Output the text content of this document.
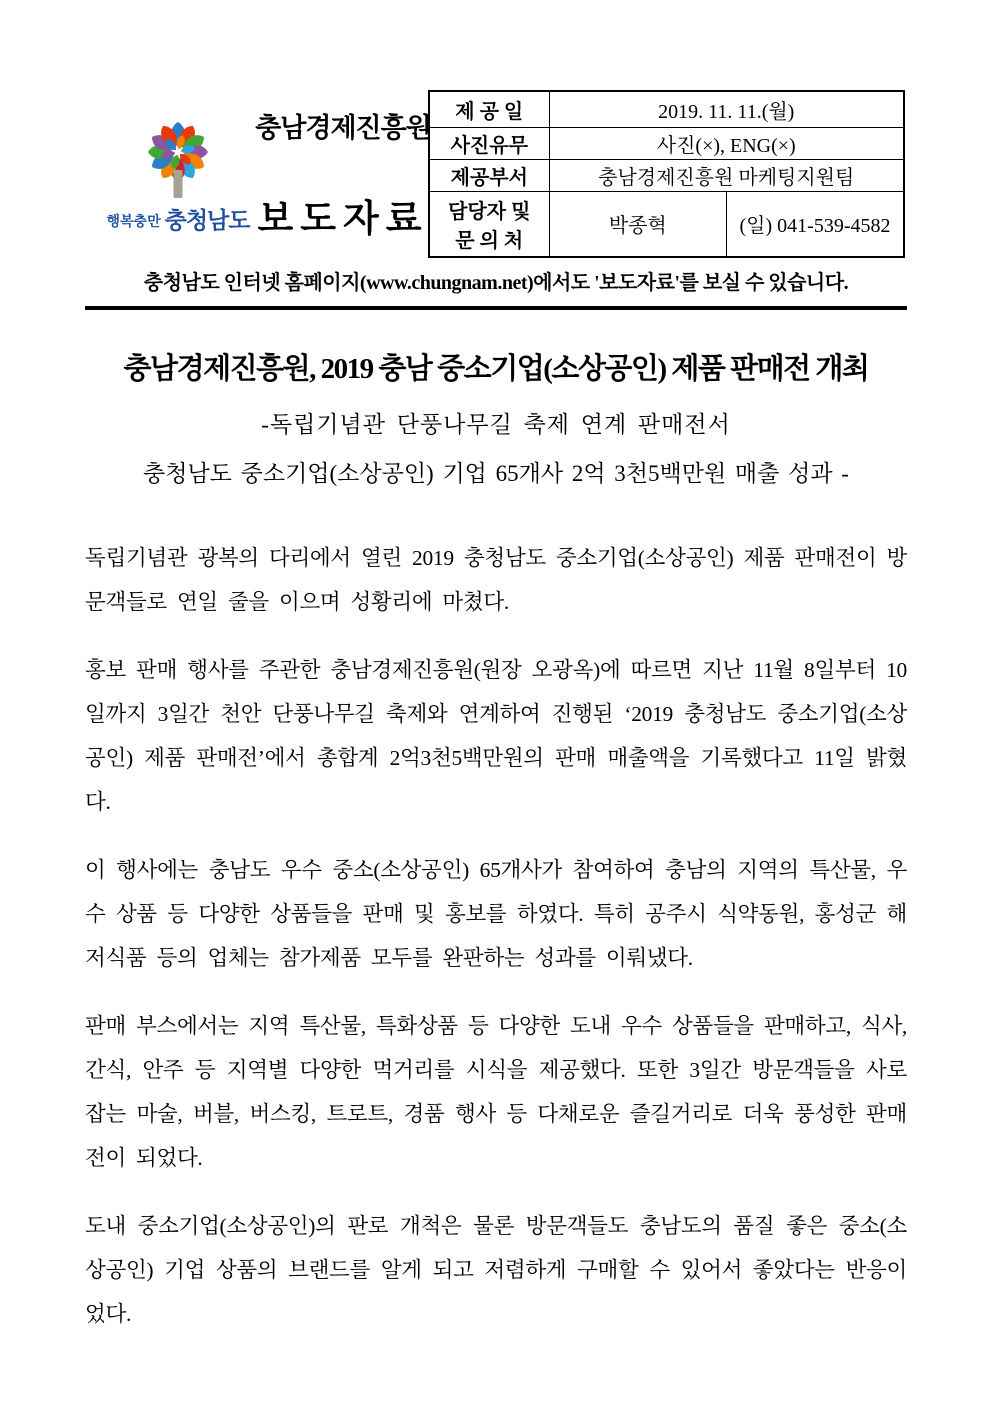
행복충만 충청남도
충남경제진흥원
보도자료
제 공 일	2019. 11. 11.(월)	
사진유무	사진(×), ENG(×)	
제공부서	충남경제진흥원 마케팅지원팀	
담당자 및
문 의 처	박종혁	(일) 041-539-4582
충청남도 인터넷 홈페이지(www.chungnam.net)에서도 '보도자료'를 보실 수 있습니다.
충남경제진흥원, 2019 충남 중소기업(소상공인) 제품 판매전 개최
-독립기념관 단풍나무길 축제 연계 판매전서
충청남도 중소기업(소상공인) 기업 65개사 2억 3천5백만원 매출 성과 -

독립기념관 광복의 다리에서 열린 2019 충청남도 중소기업(소상공인) 제품 판매전이 방문객들로 연일 줄을 이으며 성황리에 마쳤다.

홍보 판매 행사를 주관한 충남경제진흥원(원장 오광옥)에 따르면 지난 11월 8일부터 10일까지 3일간 천안 단풍나무길 축제와 연계하여 진행된 ‘2019 충청남도 중소기업(소상공인) 제품 판매전’에서 총합계 2억3천5백만원의 판매 매출액을 기록했다고 11일 밝혔다.

이 행사에는 충남도 우수 중소(소상공인) 65개사가 참여하여 충남의 지역의 특산물, 우수 상품 등 다양한 상품들을 판매 및 홍보를 하였다. 특히 공주시 식약동원, 홍성군 해저식품 등의 업체는 참가제품 모두를 완판하는 성과를 이뤄냈다.

판매 부스에서는 지역 특산물, 특화상품 등 다양한 도내 우수 상품들을 판매하고, 식사, 간식, 안주 등 지역별 다양한 먹거리를 시식을 제공했다. 또한 3일간 방문객들을 사로잡는 마술, 버블, 버스킹, 트로트, 경품 행사 등 다채로운 즐길거리로 더욱 풍성한 판매전이 되었다.

도내 중소기업(소상공인)의 판로 개척은 물론 방문객들도 충남도의 품질 좋은 중소(소상공인) 기업 상품의 브랜드를 알게 되고 저렴하게 구매할 수 있어서 좋았다는 반응이었다.
